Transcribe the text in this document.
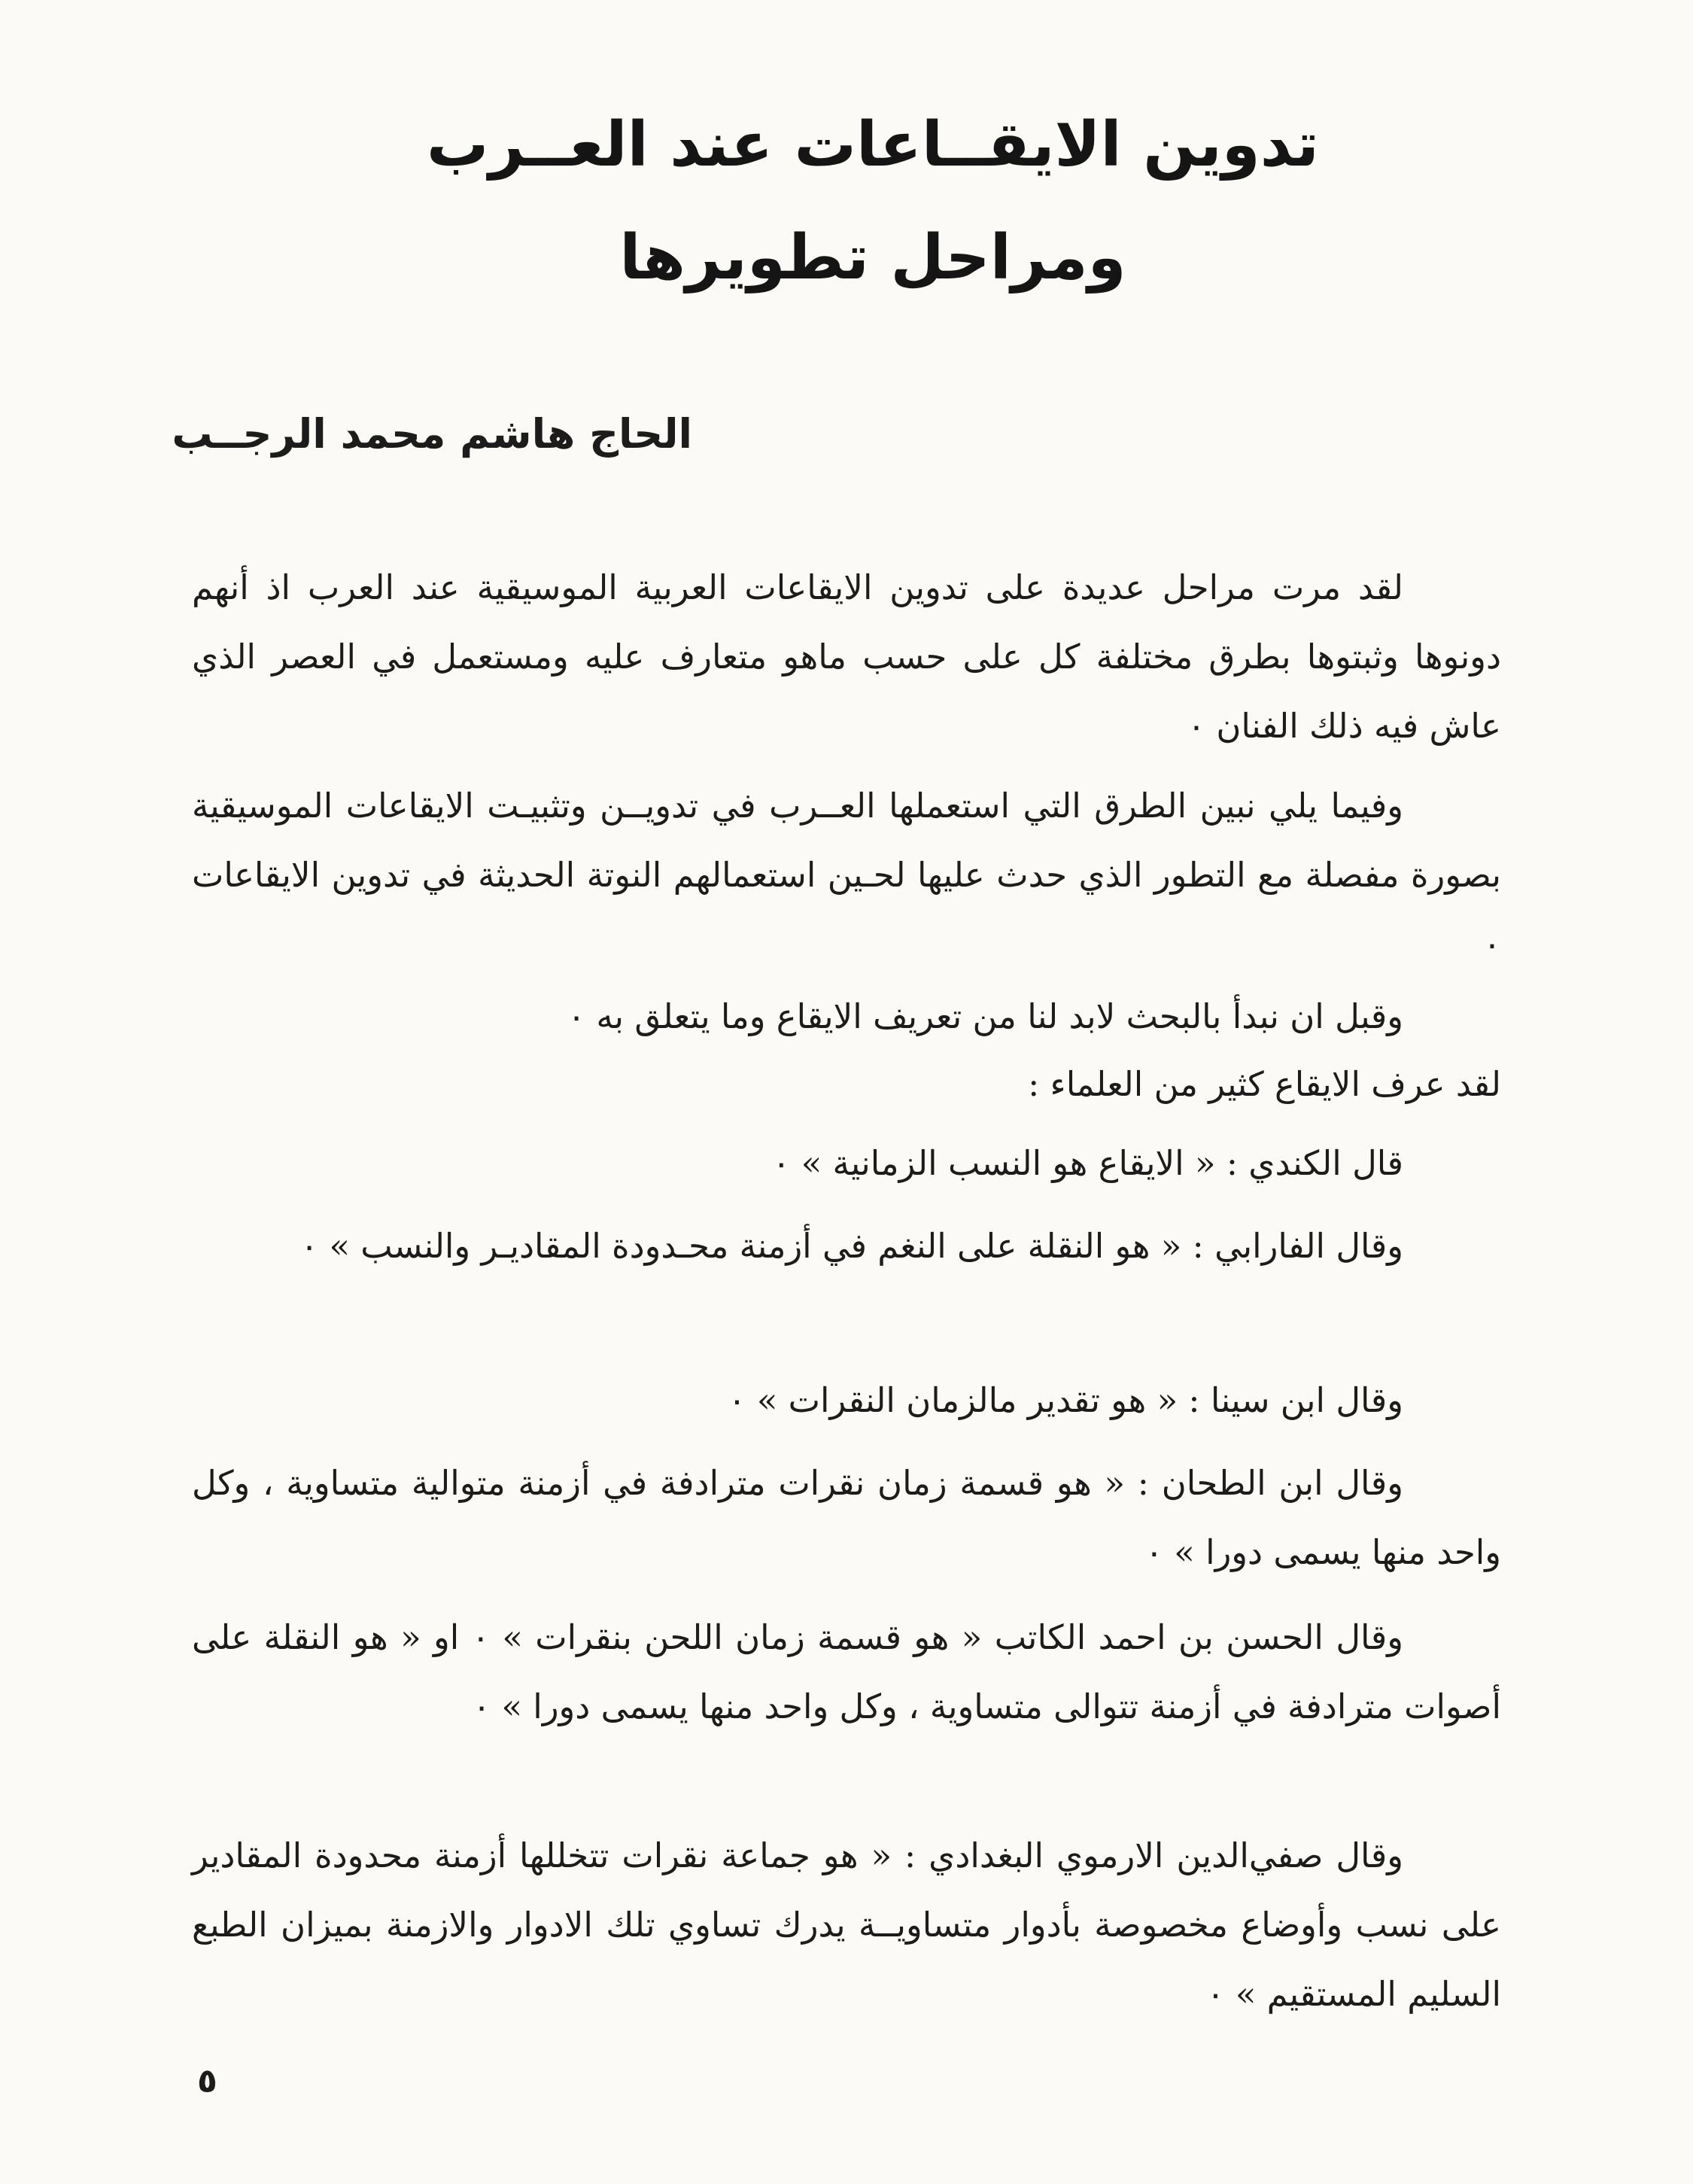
تدوين الايقــاعات عند العــرب
ومراحل تطويرها
الحاج هاشم محمد الرجــب

لقد مرت مراحل عديدة على تدوين الايقاعات العربية الموسيقية عند العرب اذ أنهم دونوها وثبتوها بطرق مختلفة كل على حسب ماهو متعارف عليه ومستعمل في العصر الذي عاش فيه ذلك الفنان ٠

وفيما يلي نبين الطرق التي استعملها العــرب في تدويــن وتثبيـت الايقاعات الموسيقية بصورة مفصلة مع التطور الذي حدث عليها لحـين استعمالهم النوتة الحديثة في تدوين الايقاعات ٠

وقبل ان نبدأ بالبحث لابد لنا من تعريف الايقاع وما يتعلق به ٠
لقد عرف الايقاع كثير من العلماء :
قال الكندي : « الايقاع هو النسب الزمانية » ٠

وقال الفارابي : « هو النقلة على النغم في أزمنة محـدودة المقاديـر والنسب » ٠

وقال ابن سينا : « هو تقدير مالزمان النقرات » ٠

وقال ابن الطحان : « هو قسمة زمان نقرات مترادفة في أزمنة متوالية متساوية ، وكل واحد منها يسمى دورا » ٠

وقال الحسن بن احمد الكاتب « هو قسمة زمان اللحن بنقرات » ٠ او « هو النقلة على أصوات مترادفة في أزمنة تتوالى متساوية ، وكل واحد منها يسمى دورا » ٠

وقال صفي‌الدين الارموي البغدادي : « هو جماعة نقرات تتخللها أزمنة محدودة المقادير على نسب وأوضاع مخصوصة بأدوار متساويــة يدرك تساوي تلك الادوار والازمنة بميزان الطبع السليم المستقيم » ٠

٥
